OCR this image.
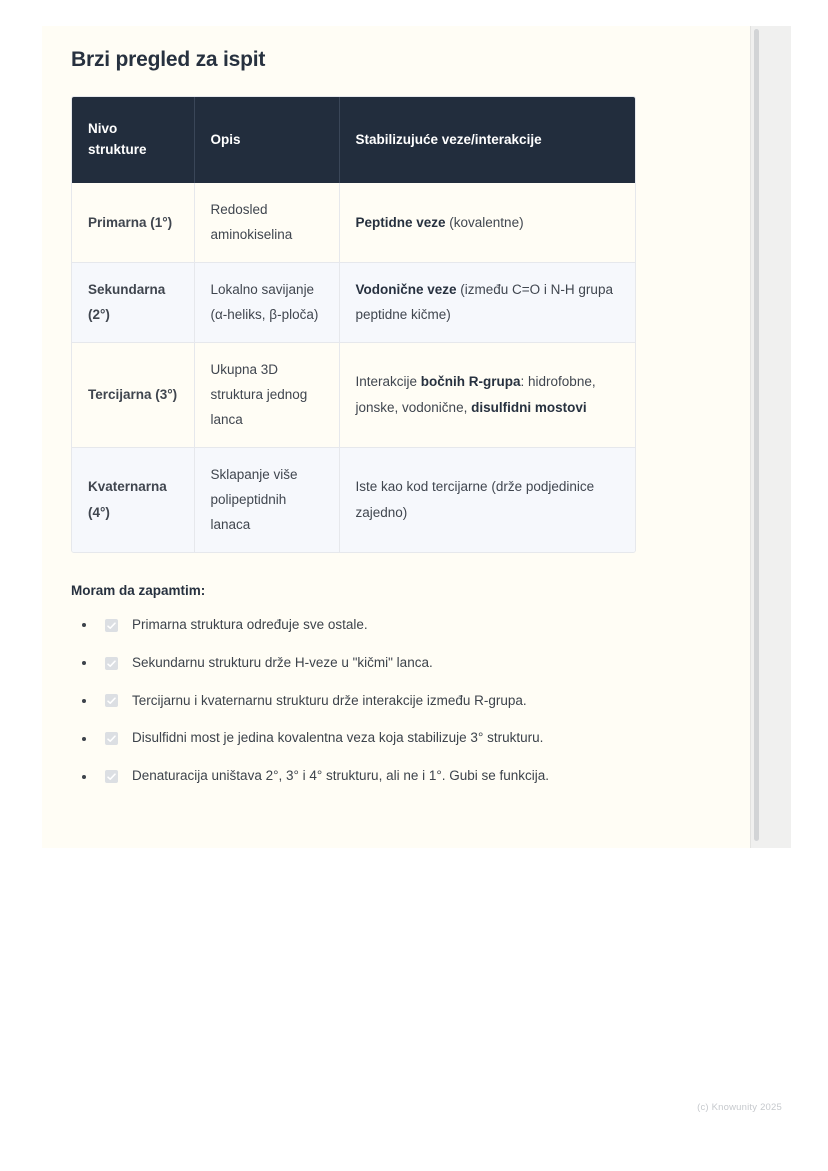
Brzi pregled za ispit
Nivo strukture	Opis	Stabilizujuće veze/interakcije
Primarna (1°)	Redosled aminokiselina	Peptidne veze (kovalentne)
Sekundarna (2°)	Lokalno savijanje (α-heliks, β-ploča)	Vodonične veze (između C=O i N-H grupa peptidne kičme)
Tercijarna (3°)	Ukupna 3D struktura jednog lanca	Interakcije bočnih R-grupa: hidrofobne, jonske, vodonične, disulfidni mostovi
Kvaternarna (4°)	Sklapanje više polipeptidnih lanaca	Iste kao kod tercijarne (drže podjedinice zajedno)

Moram da zapamtim:

Primarna struktura određuje sve ostale.
Sekundarnu strukturu drže H-veze u "kičmi" lanca.
Tercijarnu i kvaternarnu strukturu drže interakcije između R-grupa.
Disulfidni most je jedina kovalentna veza koja stabilizuje 3° strukturu.
Denaturacija uništava 2°, 3° i 4° strukturu, ali ne i 1°. Gubi se funkcija.
(c) Knowunity 2025
